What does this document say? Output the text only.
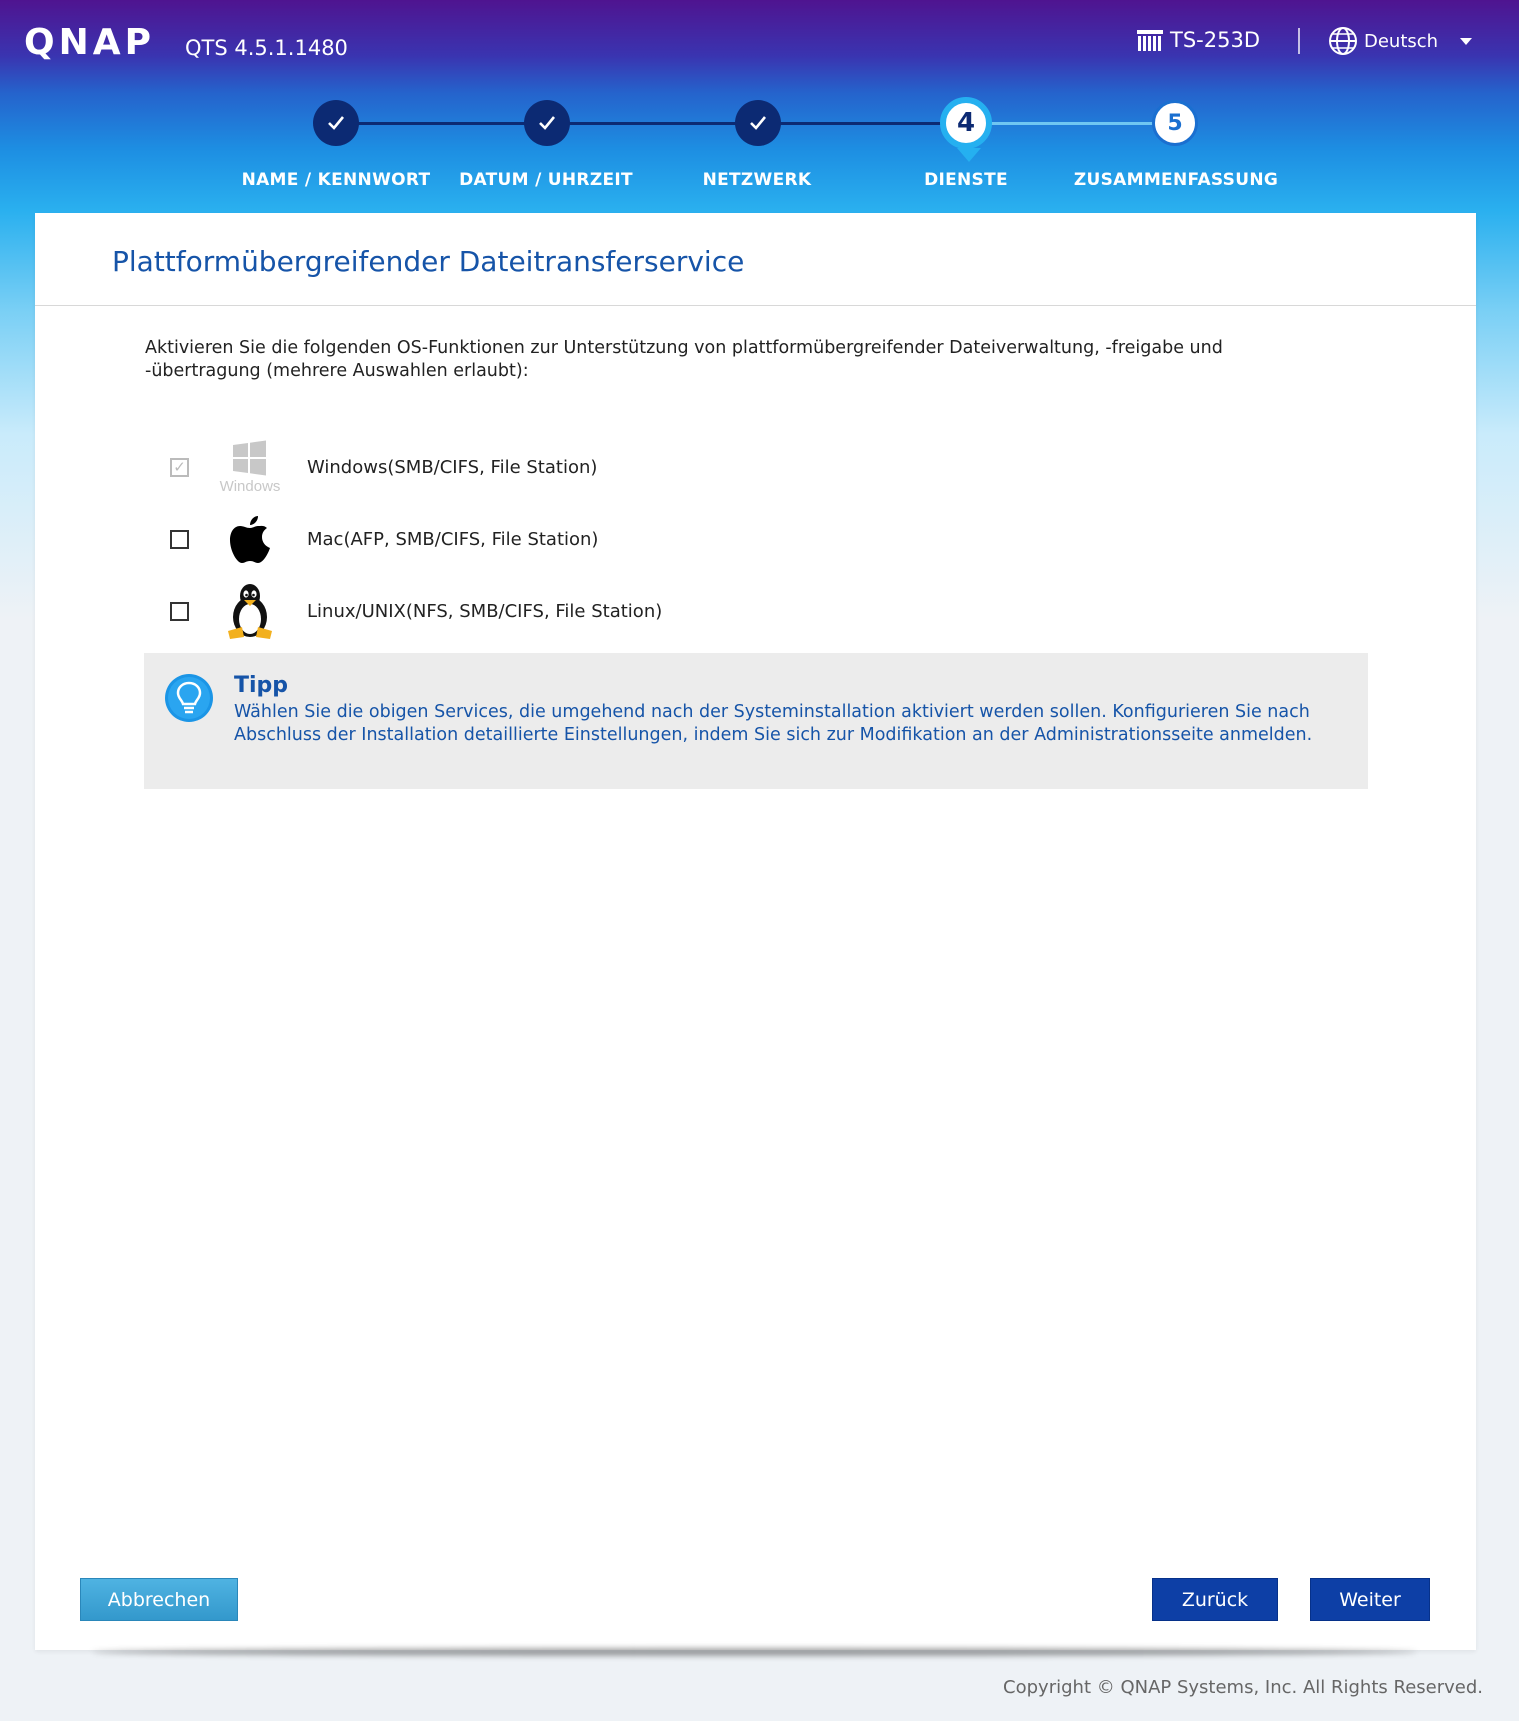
QNAP QTS 4.5.1.1480	TS-253D	Deutsch
4	5
NAME / KENNWORT	DATUM / UHRZEIT	NETZWERK	DIENSTE	ZUSAMMENFASSUNG
Plattformübergreifender Dateitransferservice

Aktivieren Sie die folgenden OS-Funktionen zur Unterstützung von plattformübergreifender Dateiverwaltung, -freigabe und -übertragung (mehrere Auswahlen erlaubt):

✓
Windows
Windows(SMB/CIFS, File Station)
Mac(AFP, SMB/CIFS, File Station)
Linux/UNIX(NFS, SMB/CIFS, File Station)
Tipp

Wählen Sie die obigen Services, die umgehend nach der Systeminstallation aktiviert werden sollen. Konfigurieren Sie nach Abschluss der Installation detaillierte Einstellungen, indem Sie sich zur Modifikation an der Administrationsseite anmelden.

Abbrechen	Zurück	Weiter
Copyright © QNAP Systems, Inc. All Rights Reserved.
